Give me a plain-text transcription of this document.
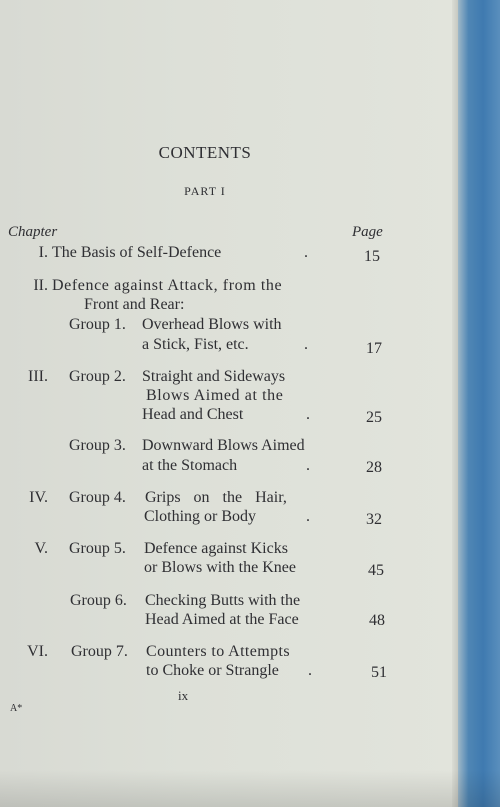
CONTENTS
PART I
Chapter	Page
I. The Basis of Self-Defence	.	15
II. Defence against Attack, from the
Front and Rear:
Group 1. Overhead Blows with
a Stick, Fist, etc.	.	17
III. Group 2. Straight and Sideways
Blows Aimed at the
Head and Chest	.	25
Group 3. Downward Blows Aimed
at the Stomach	.	28
IV. Group 4. Grips on the Hair,
Clothing or Body	.	32
V. Group 5. Defence against Kicks
or Blows with the Knee	45
Group 6. Checking Butts with the
Head Aimed at the Face	48
VI. Group 7. Counters to Attempts
to Choke or Strangle .	51
ix
A*
